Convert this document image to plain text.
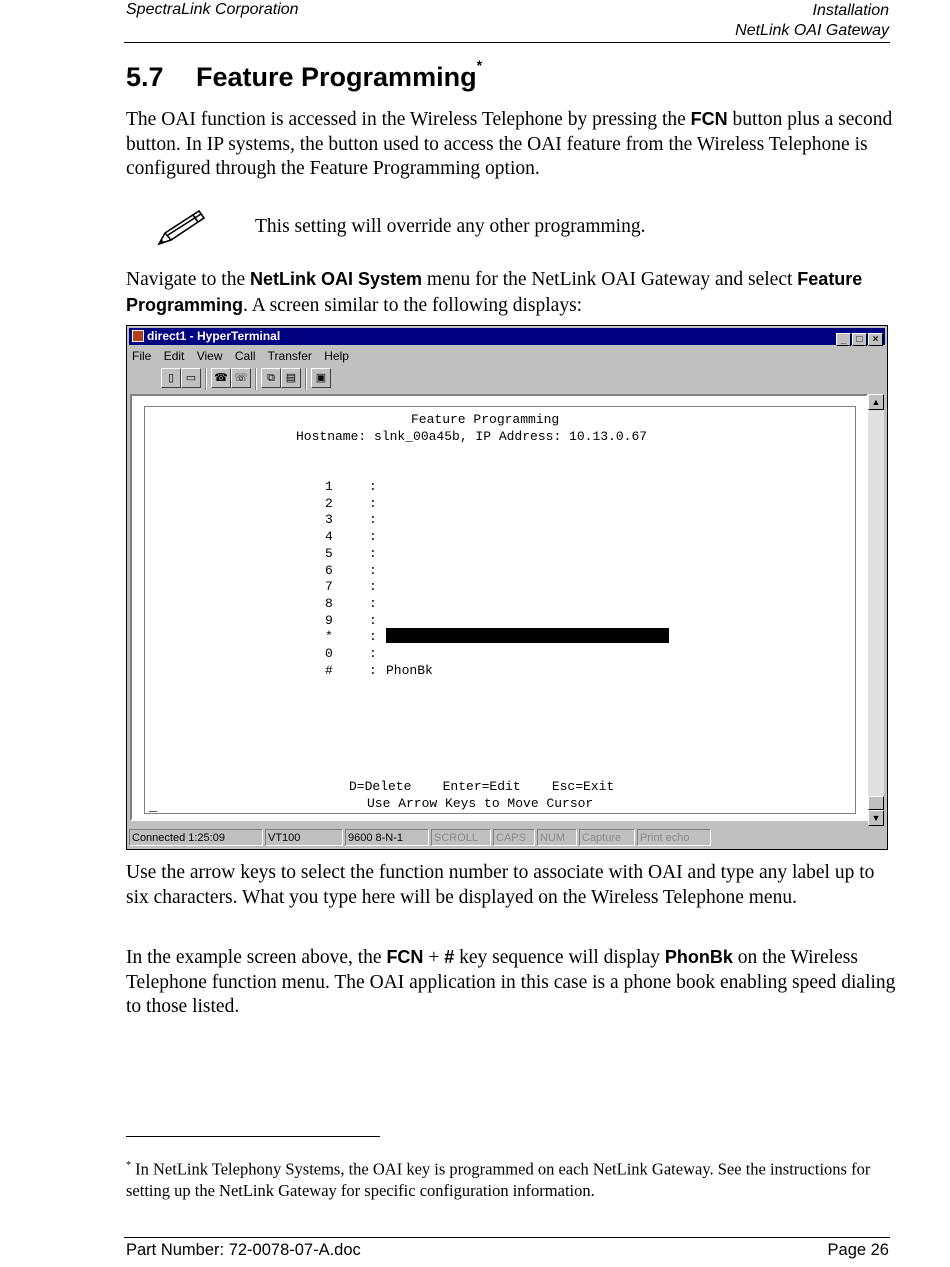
SpectraLink Corporation	Installation
NetLink OAI Gateway
5.7 Feature Programming*
The OAI function is accessed in the Wireless Telephone by pressing the FCN button plus a second button. In IP systems, the button used to access the OAI feature from the Wireless Telephone is configured through the Feature Programming option.
This setting will override any other programming.
Navigate to the NetLink OAI System menu for the NetLink OAI Gateway and select Feature Programming. A screen similar to the following displays:
direct1 - HyperTerminal	_ □ ×
File Edit View Call Transfer Help
▯	▭	☎ ☏	⧉ ▤	▣

Feature Programming

Hostname: slnk_00a45b, IP Address: 10.13.0.67

1	:
2	:
3	:
4	:
5	:
6	:
7	:
8	:
9	:
*	:
0	:
#	: PhonBk

D=Delete    Enter=Edit    Esc=Exit

Use Arrow Keys to Move Cursor

_
▲
▼
Connected 1:25:09	VT100	9600 8-N-1	SCROLL	CAPS	NUM	Capture	Print echo
Use the arrow keys to select the function number to associate with OAI and type any label up to six characters. What you type here will be displayed on the Wireless Telephone menu.
In the example screen above, the FCN + # key sequence will display PhonBk on the Wireless Telephone function menu. The OAI application in this case is a phone book enabling speed dialing to those listed.
* In NetLink Telephony Systems, the OAI key is programmed on each NetLink Gateway. See the instructions for setting up the NetLink Gateway for specific configuration information.
Part Number: 72-0078-07-A.doc	Page 26
